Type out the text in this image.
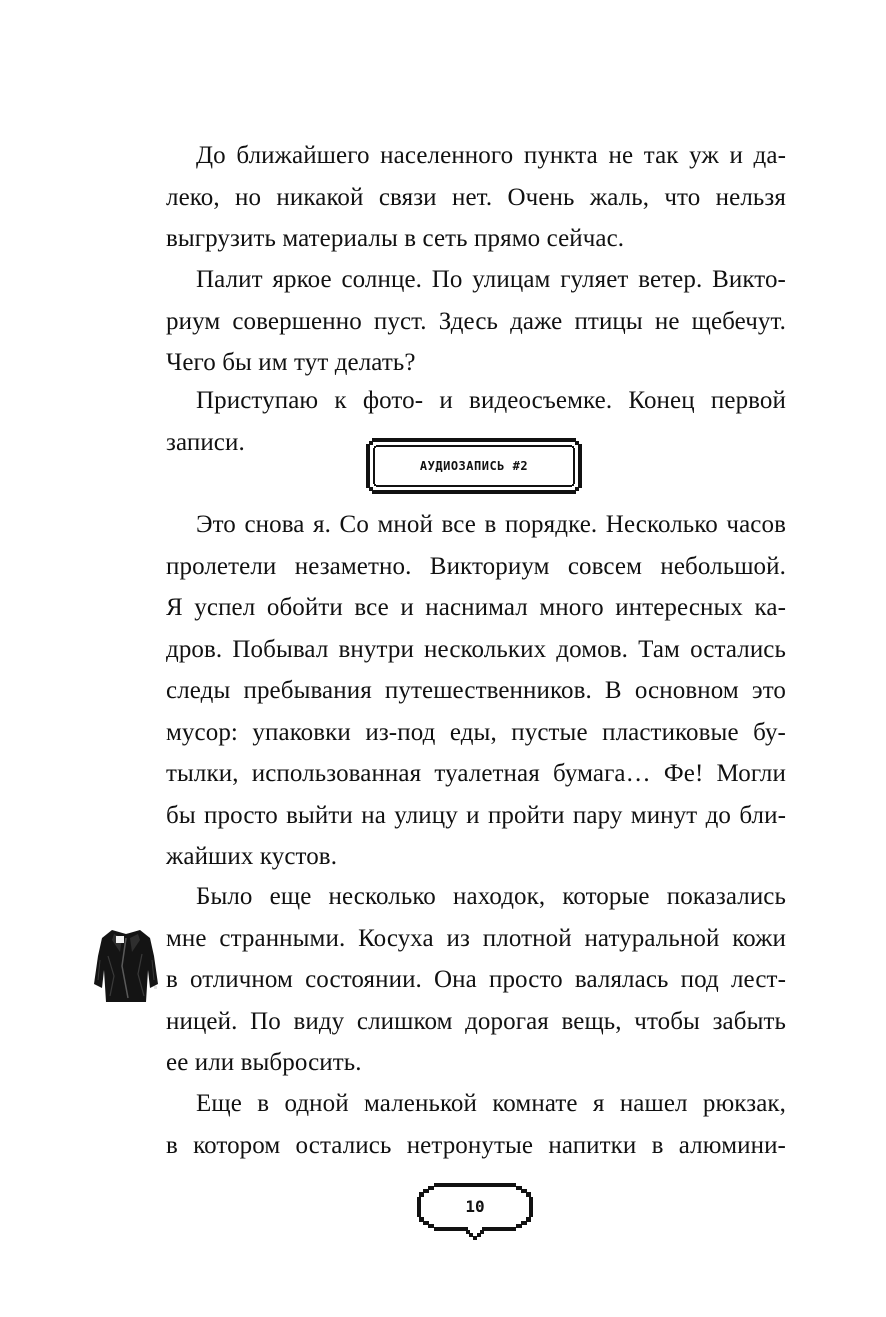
До ближайшего населенного пункта не так уж и да-
леко, но никакой связи нет. Очень жаль, что нельзя
выгрузить материалы в сеть прямо сейчас.
Палит яркое солнце. По улицам гуляет ветер. Викто-
риум совершенно пуст. Здесь даже птицы не щебечут.
Чего бы им тут делать?
Приступаю к фото- и видеосъемке. Конец первой
записи.
АУДИОЗАПИСЬ #2
Это снова я. Со мной все в порядке. Несколько часов
пролетели незаметно. Викториум совсем небольшой.
Я успел обойти все и наснимал много интересных ка-
дров. Побывал внутри нескольких домов. Там остались
следы пребывания путешественников. В основном это
мусор: упаковки из-под еды, пустые пластиковые бу-
тылки, использованная туалетная бумага… Фе! Могли
бы просто выйти на улицу и пройти пару минут до бли-
жайших кустов.
Было еще несколько находок, которые показались
мне странными. Косуха из плотной натуральной кожи
в отличном состоянии. Она просто валялась под лест-
ницей. По виду слишком дорогая вещь, чтобы забыть
ее или выбросить.
Еще в одной маленькой комнате я нашел рюкзак,
в котором остались нетронутые напитки в алюмини-
10
